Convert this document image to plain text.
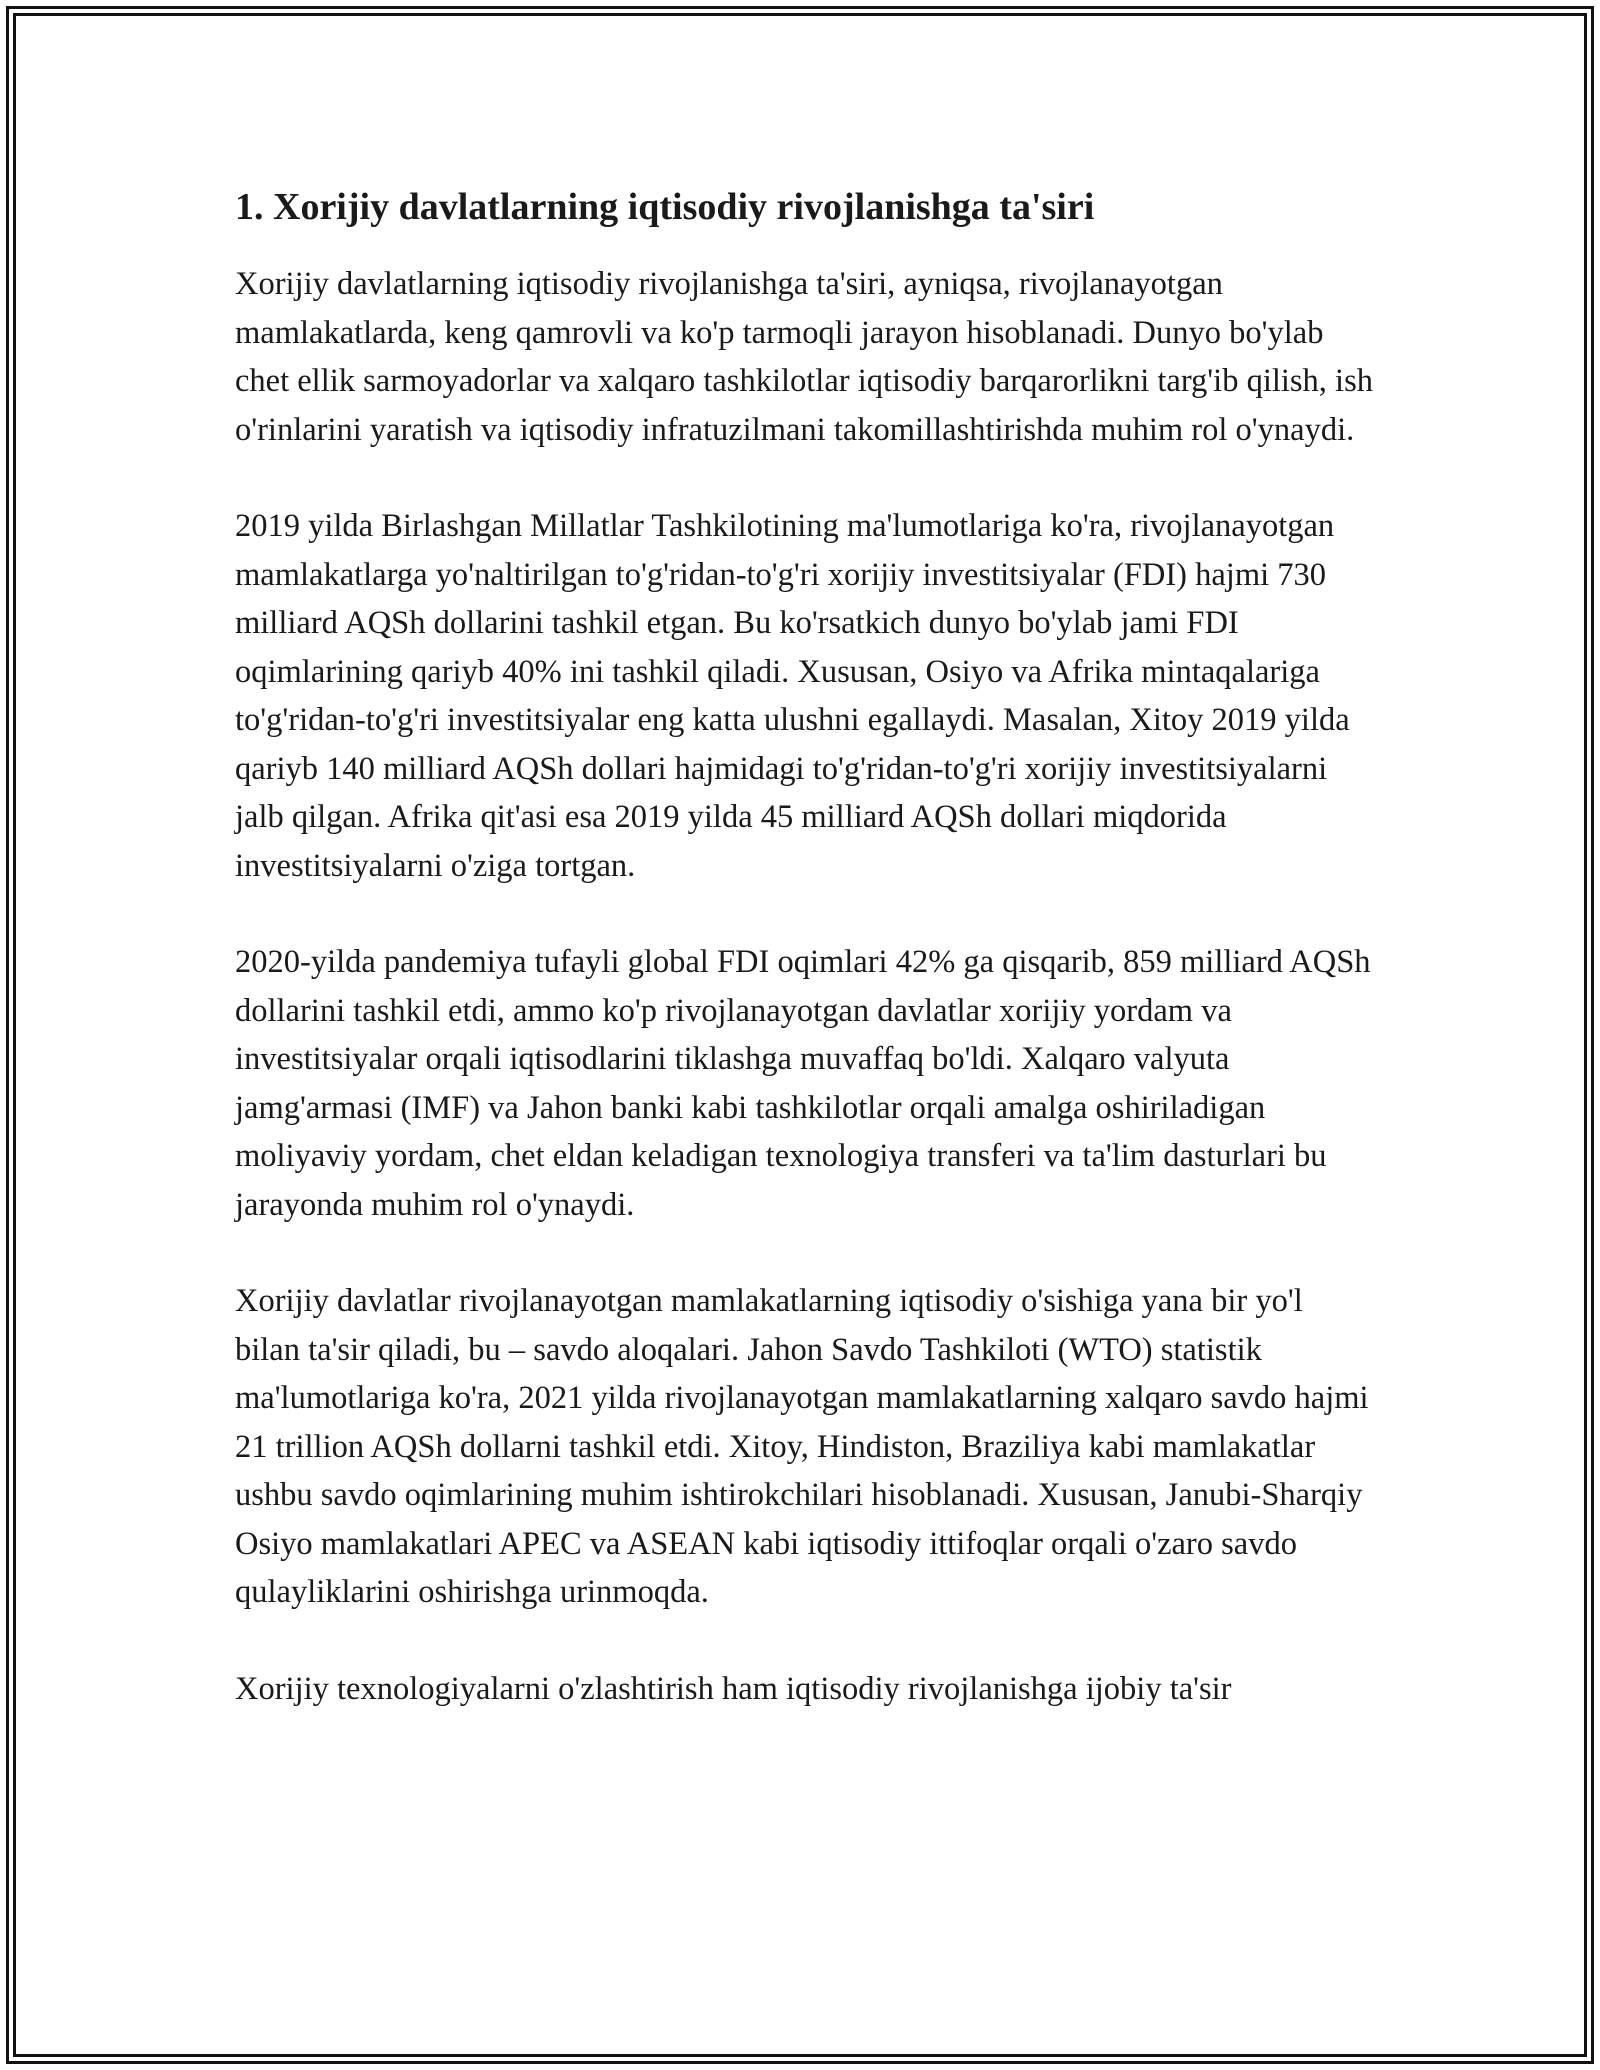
1. Xorijiy davlatlarning iqtisodiy rivojlanishga ta'siri

Xorijiy davlatlarning iqtisodiy rivojlanishga ta'siri, ayniqsa, rivojlanayotgan mamlakatlarda, keng qamrovli va ko'p tarmoqli jarayon hisoblanadi. Dunyo bo'ylab chet ellik sarmoyadorlar va xalqaro tashkilotlar iqtisodiy barqarorlikni targ'ib qilish, ish o'rinlarini yaratish va iqtisodiy infratuzilmani takomillashtirishda muhim rol o'ynaydi.

2019 yilda Birlashgan Millatlar Tashkilotining ma'lumotlariga ko'ra, rivojlanayotgan mamlakatlarga yo'naltirilgan to'g'ridan-to'g'ri xorijiy investitsiyalar (FDI) hajmi 730 milliard AQSh dollarini tashkil etgan. Bu ko'rsatkich dunyo bo'ylab jami FDI oqimlarining qariyb 40% ini tashkil qiladi. Xususan, Osiyo va Afrika mintaqalariga to'g'ridan-to'g'ri investitsiyalar eng katta ulushni egallaydi. Masalan, Xitoy 2019 yilda qariyb 140 milliard AQSh dollari hajmidagi to'g'ridan-to'g'ri xorijiy investitsiyalarni jalb qilgan. Afrika qit'asi esa 2019 yilda 45 milliard AQSh dollari miqdorida investitsiyalarni o'ziga tortgan.

2020-yilda pandemiya tufayli global FDI oqimlari 42% ga qisqarib, 859 milliard AQSh dollarini tashkil etdi, ammo ko'p rivojlanayotgan davlatlar xorijiy yordam va investitsiyalar orqali iqtisodlarini tiklashga muvaffaq bo'ldi. Xalqaro valyuta jamg'armasi (IMF) va Jahon banki kabi tashkilotlar orqali amalga oshiriladigan moliyaviy yordam, chet eldan keladigan texnologiya transferi va ta'lim dasturlari bu jarayonda muhim rol o'ynaydi.

Xorijiy davlatlar rivojlanayotgan mamlakatlarning iqtisodiy o'sishiga yana bir yo'l bilan ta'sir qiladi, bu – savdo aloqalari. Jahon Savdo Tashkiloti (WTO) statistik ma'lumotlariga ko'ra, 2021 yilda rivojlanayotgan mamlakatlarning xalqaro savdo hajmi 21 trillion AQSh dollarni tashkil etdi. Xitoy, Hindiston, Braziliya kabi mamlakatlar ushbu savdo oqimlarining muhim ishtirokchilari hisoblanadi. Xususan, Janubi-Sharqiy Osiyo mamlakatlari APEC va ASEAN kabi iqtisodiy ittifoqlar orqali o'zaro savdo qulayliklarini oshirishga urinmoqda.

Xorijiy texnologiyalarni o'zlashtirish ham iqtisodiy rivojlanishga ijobiy ta'sir
